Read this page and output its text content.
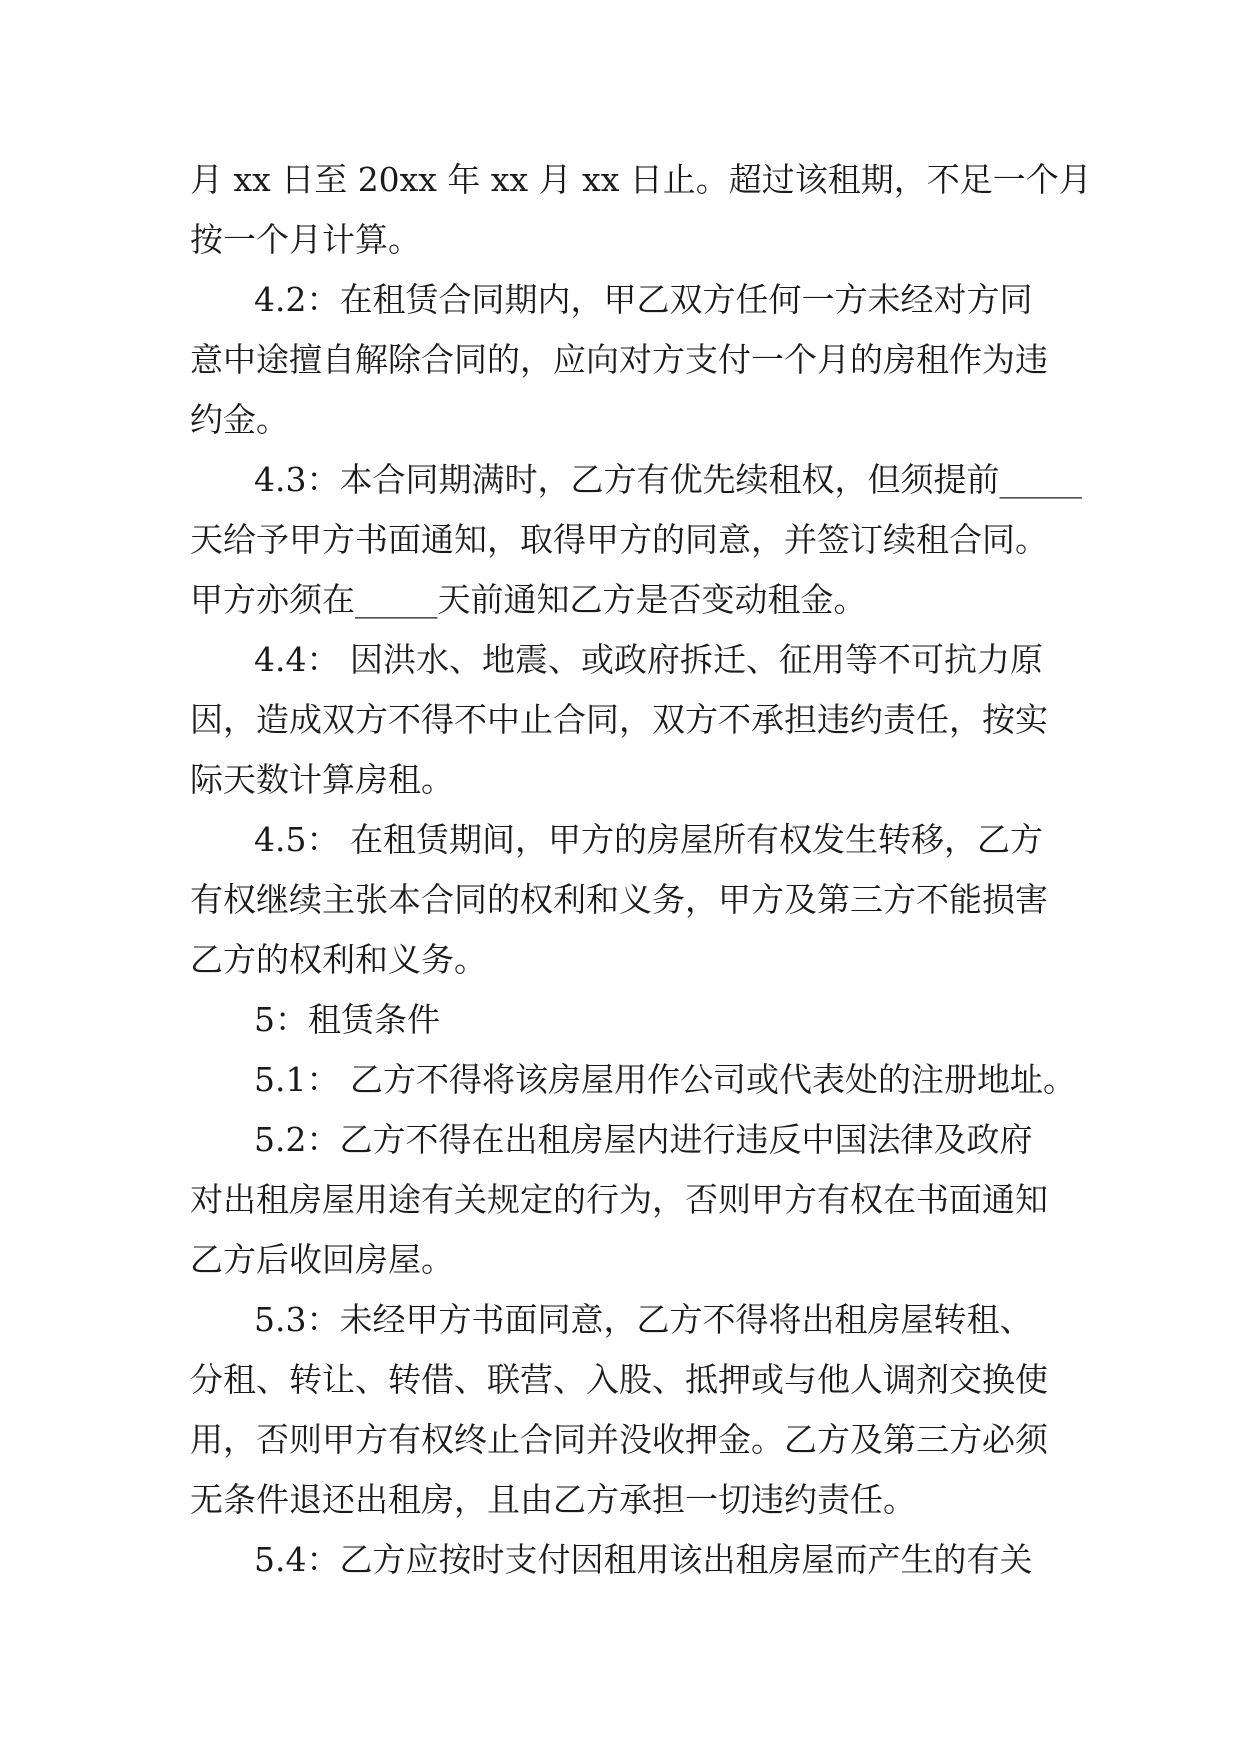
月 xx 日至 20xx 年 xx 月 xx 日止。超过该租期，不足一个月
按一个月计算。
4.2：在租赁合同期内，甲乙双方任何一方未经对方同
意中途擅自解除合同的，应向对方支付一个月的房租作为违
约金。
4.3：本合同期满时，乙方有优先续租权，但须提前_____
天给予甲方书面通知，取得甲方的同意，并签订续租合同。
甲方亦须在_____天前通知乙方是否变动租金。
4.4： 因洪水、地震、或政府拆迁、征用等不可抗力原
因，造成双方不得不中止合同，双方不承担违约责任，按实
际天数计算房租。
4.5： 在租赁期间，甲方的房屋所有权发生转移，乙方
有权继续主张本合同的权利和义务，甲方及第三方不能损害
乙方的权利和义务。
5：租赁条件
5.1： 乙方不得将该房屋用作公司或代表处的注册地址。
5.2：乙方不得在出租房屋内进行违反中国法律及政府
对出租房屋用途有关规定的行为，否则甲方有权在书面通知
乙方后收回房屋。
5.3：未经甲方书面同意，乙方不得将出租房屋转租、
分租、转让、转借、联营、入股、抵押或与他人调剂交换使
用，否则甲方有权终止合同并没收押金。乙方及第三方必须
无条件退还出租房，且由乙方承担一切违约责任。
5.4：乙方应按时支付因租用该出租房屋而产生的有关
